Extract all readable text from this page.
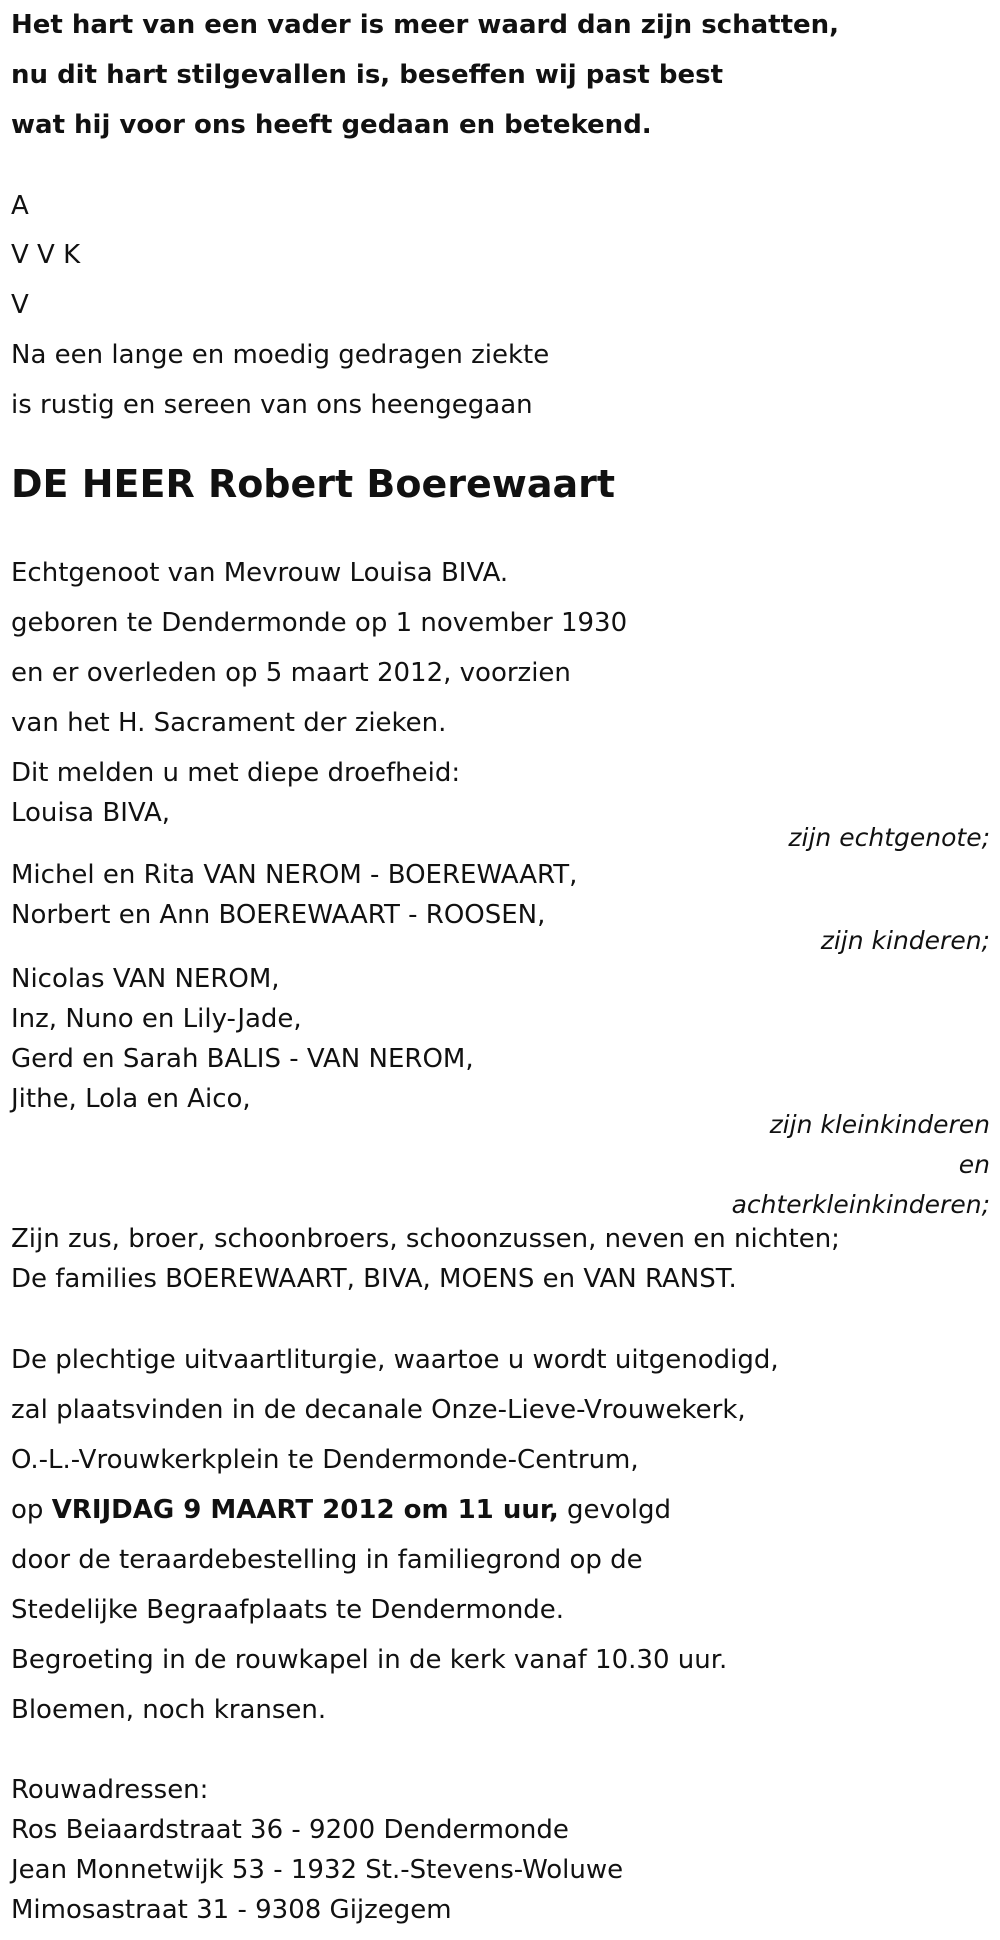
Het hart van een vader is meer waard dan zijn schatten,
nu dit hart stilgevallen is, beseffen wij past best
wat hij voor ons heeft gedaan en betekend.
A
V V K
V
Na een lange en moedig gedragen ziekte
is rustig en sereen van ons heengegaan
DE HEER Robert Boerewaart
Echtgenoot van Mevrouw Louisa BIVA.
geboren te Dendermonde op 1 november 1930
en er overleden op 5 maart 2012, voorzien
van het H. Sacrament der zieken.
Dit melden u met diepe droefheid:
Louisa BIVA,
zijn echtgenote;
Michel en Rita VAN NEROM - BOEREWAART,
Norbert en Ann BOEREWAART - ROOSEN,
zijn kinderen;
Nicolas VAN NEROM,
Inz, Nuno en Lily-Jade,
Gerd en Sarah BALIS - VAN NEROM,
Jithe, Lola en Aico,
zijn kleinkinderen
en
achterkleinkinderen;
Zijn zus, broer, schoonbroers, schoonzussen, neven en nichten;
De families BOEREWAART, BIVA, MOENS en VAN RANST.
De plechtige uitvaartliturgie, waartoe u wordt uitgenodigd,
zal plaatsvinden in de decanale Onze-Lieve-Vrouwekerk,
O.-L.-Vrouwkerkplein te Dendermonde-Centrum,
op VRIJDAG 9 MAART 2012 om 11 uur, gevolgd
door de teraardebestelling in familiegrond op de
Stedelijke Begraafplaats te Dendermonde.
Begroeting in de rouwkapel in de kerk vanaf 10.30 uur.
Bloemen, noch kransen.
Rouwadressen:
Ros Beiaardstraat 36 - 9200 Dendermonde
Jean Monnetwijk 53 - 1932 St.-Stevens-Woluwe
Mimosastraat 31 - 9308 Gijzegem
